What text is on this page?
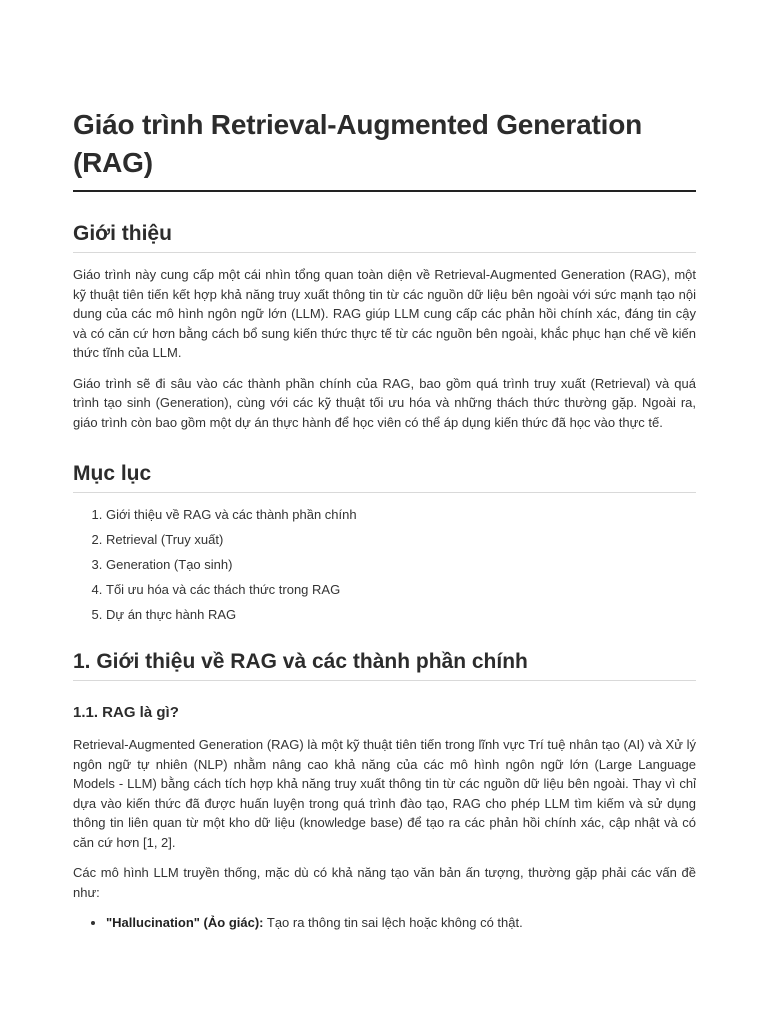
Giáo trình Retrieval-Augmented Generation (RAG)
Giới thiệu

Giáo trình này cung cấp một cái nhìn tổng quan toàn diện về Retrieval-Augmented Generation (RAG), một kỹ thuật tiên tiến kết hợp khả năng truy xuất thông tin từ các nguồn dữ liệu bên ngoài với sức mạnh tạo nội dung của các mô hình ngôn ngữ lớn (LLM). RAG giúp LLM cung cấp các phản hồi chính xác, đáng tin cậy và có căn cứ hơn bằng cách bổ sung kiến thức thực tế từ các nguồn bên ngoài, khắc phục hạn chế về kiến thức tĩnh của LLM.

Giáo trình sẽ đi sâu vào các thành phần chính của RAG, bao gồm quá trình truy xuất (Retrieval) và quá trình tạo sinh (Generation), cùng với các kỹ thuật tối ưu hóa và những thách thức thường gặp. Ngoài ra, giáo trình còn bao gồm một dự án thực hành để học viên có thể áp dụng kiến thức đã học vào thực tế.

Mục lục
1. Giới thiệu về RAG và các thành phần chính
2. Retrieval (Truy xuất)
3. Generation (Tạo sinh)
4. Tối ưu hóa và các thách thức trong RAG
5. Dự án thực hành RAG
1. Giới thiệu về RAG và các thành phần chính
1.1. RAG là gì?

Retrieval-Augmented Generation (RAG) là một kỹ thuật tiên tiến trong lĩnh vực Trí tuệ nhân tạo (AI) và Xử lý ngôn ngữ tự nhiên (NLP) nhằm nâng cao khả năng của các mô hình ngôn ngữ lớn (Large Language Models - LLM) bằng cách tích hợp khả năng truy xuất thông tin từ các nguồn dữ liệu bên ngoài. Thay vì chỉ dựa vào kiến thức đã được huấn luyện trong quá trình đào tạo, RAG cho phép LLM tìm kiếm và sử dụng thông tin liên quan từ một kho dữ liệu (knowledge base) để tạo ra các phản hồi chính xác, cập nhật và có căn cứ hơn [1, 2].

Các mô hình LLM truyền thống, mặc dù có khả năng tạo văn bản ấn tượng, thường gặp phải các vấn đề như:

• "Hallucination" (Ảo giác): Tạo ra thông tin sai lệch hoặc không có thật.
